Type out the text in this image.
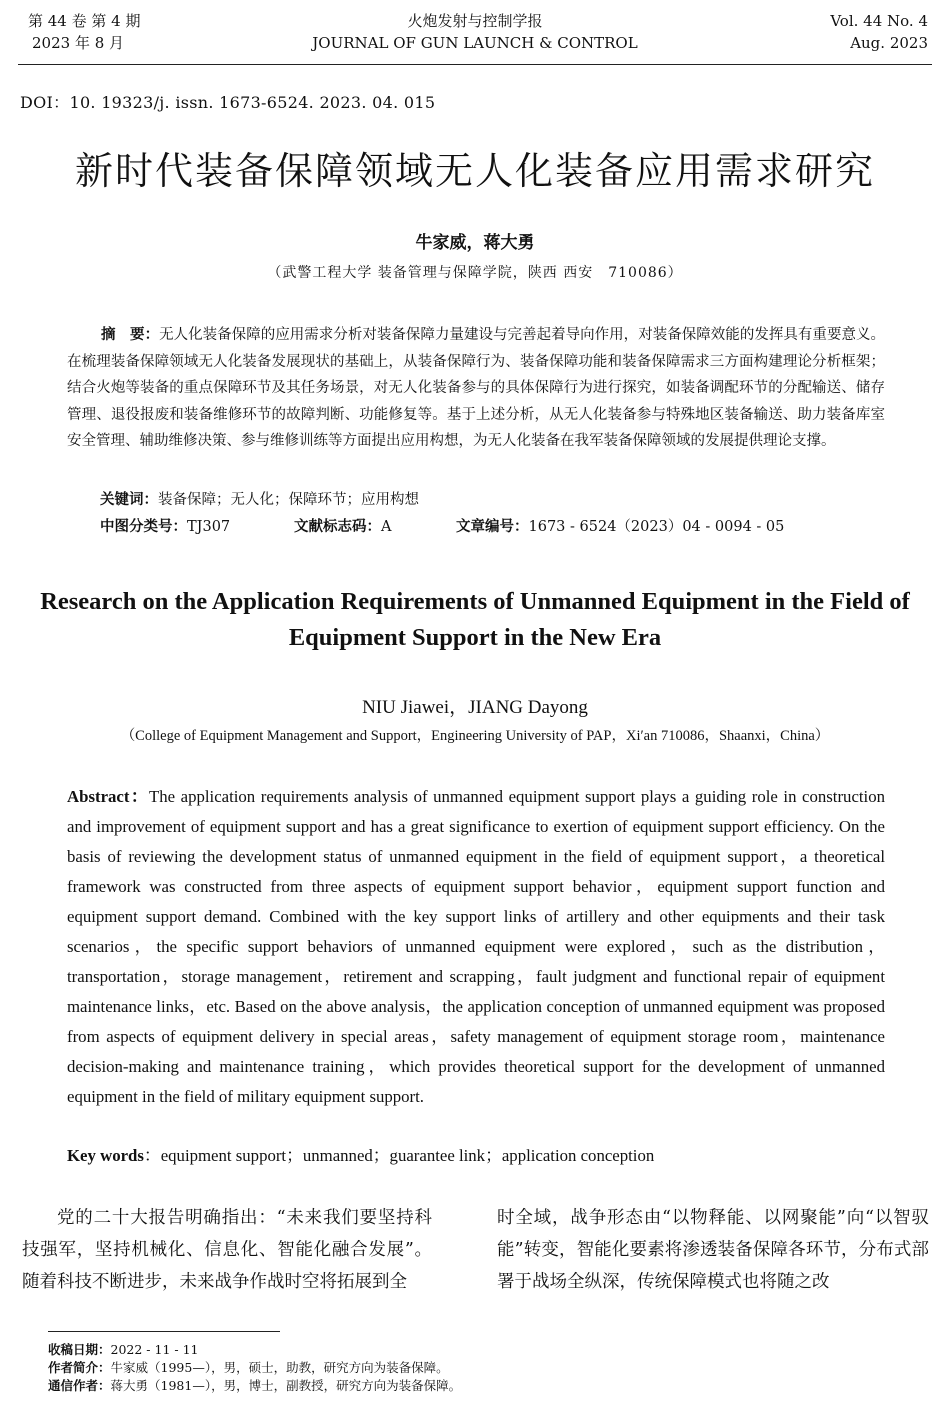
第 44 卷 第 4 期
2023 年 8 月
火炮发射与控制学报
JOURNAL OF GUN LAUNCH & CONTROL
Vol. 44 No. 4
Aug. 2023
DOI：10. 19323/j. issn. 1673-6524. 2023. 04. 015
新时代装备保障领域无人化装备应用需求研究
牛家威，蒋大勇
（武警工程大学 装备管理与保障学院，陕西 西安　710086）
摘　要：无人化装备保障的应用需求分析对装备保障力量建设与完善起着导向作用，对装备保障效能的发挥具有重要意义。在梳理装备保障领域无人化装备发展现状的基础上，从装备保障行为、装备保障功能和装备保障需求三方面构建理论分析框架；结合火炮等装备的重点保障环节及其任务场景，对无人化装备参与的具体保障行为进行探究，如装备调配环节的分配输送、储存管理、退役报废和装备维修环节的故障判断、功能修复等。基于上述分析，从无人化装备参与特殊地区装备输送、助力装备库室安全管理、辅助维修决策、参与维修训练等方面提出应用构想，为无人化装备在我军装备保障领域的发展提供理论支撑。
关键词：装备保障；无人化；保障环节；应用构想
中图分类号：TJ307	文献标志码：A	文章编号：1673 - 6524（2023）04 - 0094 - 05
Research on the Application Requirements of Unmanned Equipment in the Field of Equipment Support in the New Era
NIU Jiawei，JIANG Dayong
（College of Equipment Management and Support，Engineering University of PAP，Xi′an 710086，Shaanxi，China）
Abstract：The application requirements analysis of unmanned equipment support plays a guiding role in construction and improvement of equipment support and has a great significance to exertion of equipment support efficiency. On the basis of reviewing the development status of unmanned equipment in the field of equipment support，a theoretical framework was constructed from three aspects of equipment support behavior，equipment support function and equipment support demand. Combined with the key support links of artillery and other equipments and their task scenarios，the specific support behaviors of unmanned equipment were explored，such as the distribution，transportation，storage management，retirement and scrapping，fault judgment and functional repair of equipment maintenance links，etc. Based on the above analysis，the application conception of unmanned equipment was proposed from aspects of equipment delivery in special areas，safety management of equipment storage room，maintenance decision-making and maintenance training，which provides theoretical support for the development of unmanned equipment in the field of military equipment support.
Key words：equipment support；unmanned；guarantee link；application conception
党的二十大报告明确指出：“未来我们要坚持科技强军，坚持机械化、信息化、智能化融合发展”。随着科技不断进步，未来战争作战时空将拓展到全
时全域，战争形态由“以物释能、以网聚能”向“以智驭能”转变，智能化要素将渗透装备保障各环节，分布式部署于战场全纵深，传统保障模式也将随之改
收稿日期：2022 - 11 - 11
作者简介：牛家威（1995—），男，硕士，助教，研究方向为装备保障。
通信作者：蒋大勇（1981—），男，博士，副教授，研究方向为装备保障。
